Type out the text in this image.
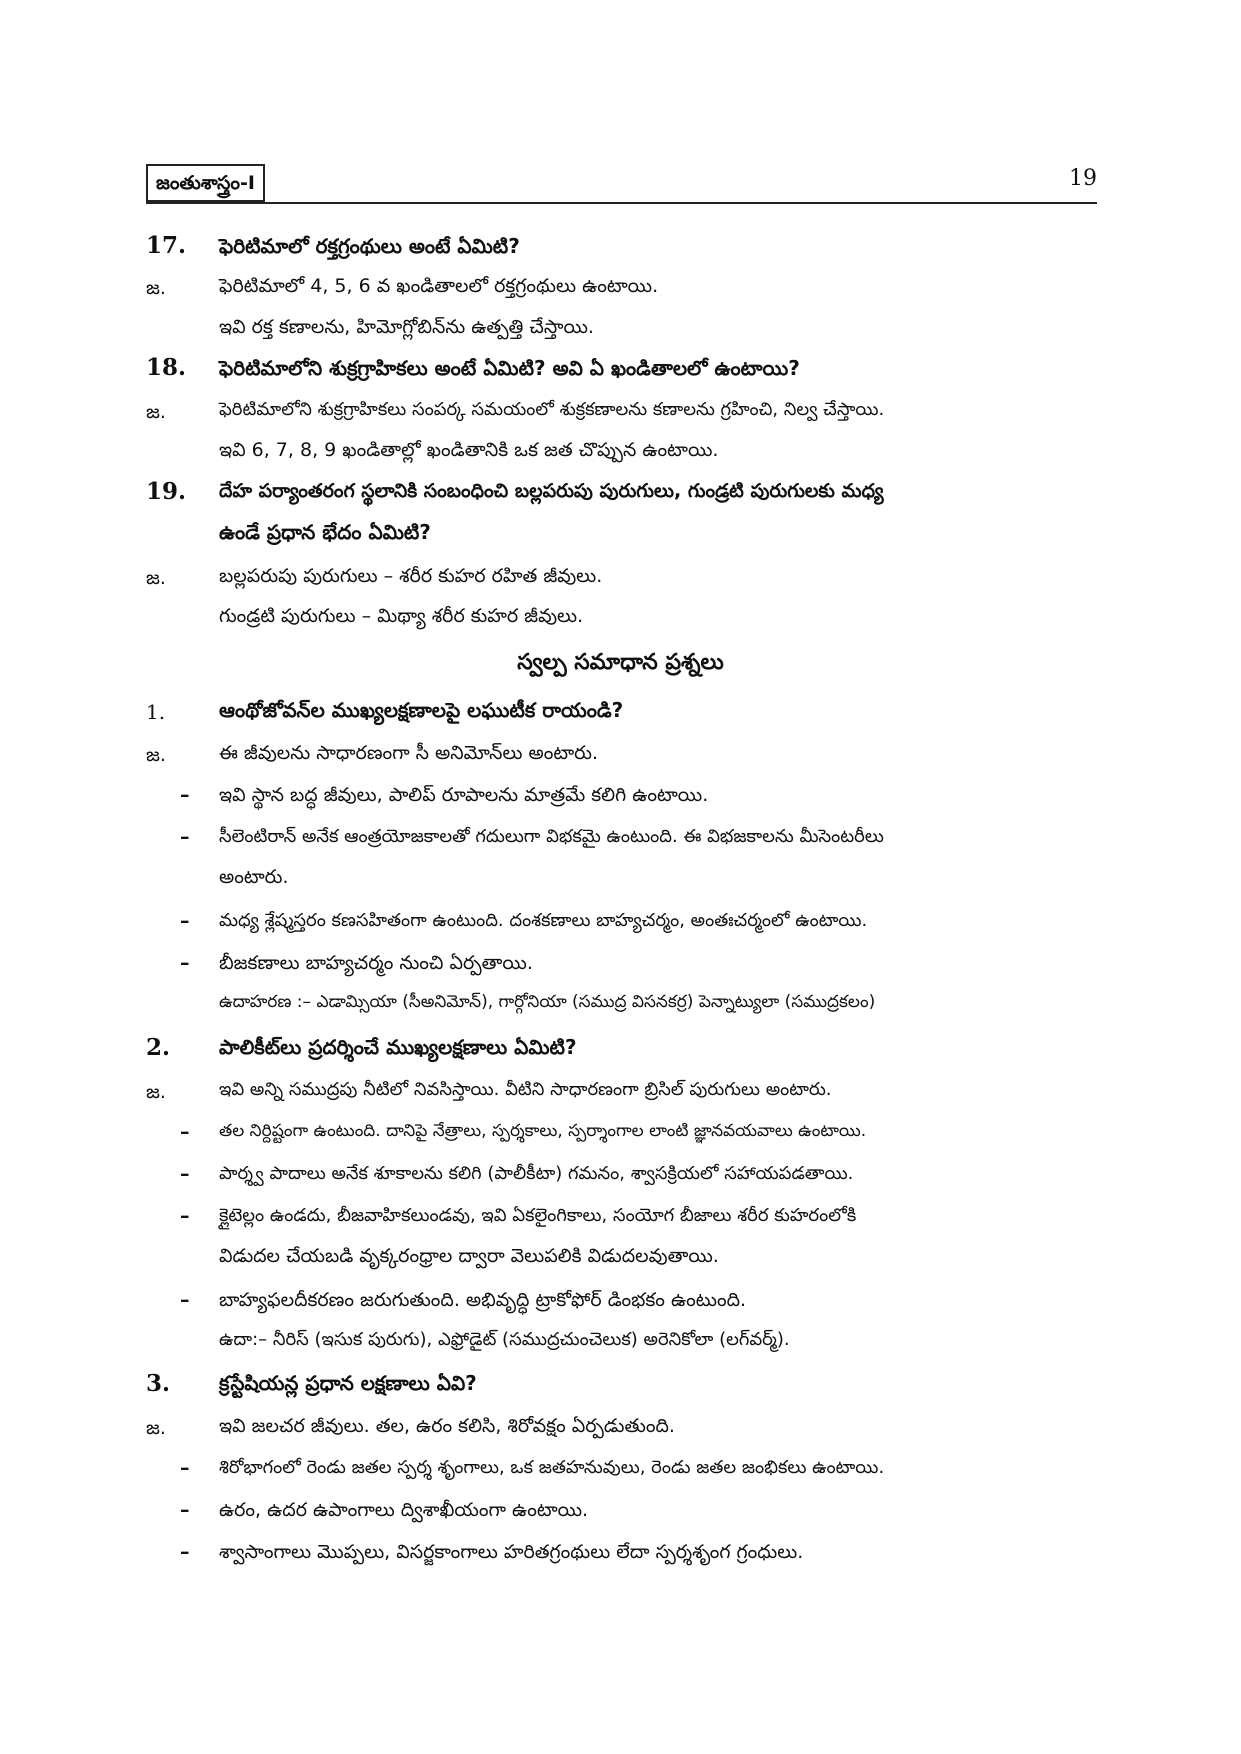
జంతుశాస్త్రం-I	19
17. ఫెరిటిమాలో రక్తగ్రంథులు అంటే ఏమిటి?
జ.	ఫెరిటిమాలో 4, 5, 6 వ ఖండితాలలో రక్తగ్రంథులు ఉంటాయి.
ఇవి రక్త కణాలను, హిమోగ్లోబిన్‌ను ఉత్పత్తి చేస్తాయి.
18. ఫెరిటిమాలోని శుక్రగ్రాహికలు అంటే ఏమిటి? అవి ఏ ఖండితాలలో ఉంటాయి?
జ.	ఫెరిటిమాలోని శుక్రగ్రాహికలు సంపర్క సమయంలో శుక్రకణాలను కణాలను గ్రహించి, నిల్వ చేస్తాయి.
ఇవి 6, 7, 8, 9 ఖండితాల్లో ఖండితానికి ఒక జత చొప్పున ఉంటాయి.
19. దేహ పర్యాంతరంగ స్థలానికి సంబంధించి బల్లపరుపు పురుగులు, గుండ్రటి పురుగులకు మధ్య
ఉండే ప్రధాన భేదం ఏమిటి?
జ.	బల్లపరుపు పురుగులు – శరీర కుహర రహిత జీవులు.
గుండ్రటి పురుగులు – మిథ్యా శరీర కుహర జీవులు.
స్వల్ప సమాధాన ప్రశ్నలు
1.	ఆంథోజోవన్‌ల ముఖ్యలక్షణాలపై లఘుటీక రాయండి?
జ.	ఈ జీవులను సాధారణంగా సీ అనిమోన్‌లు అంటారు.
– ఇవి స్థాన బద్ధ జీవులు, పాలిప్ రూపాలను మాత్రమే కలిగి ఉంటాయి.
– సీలెంటిరాన్ అనేక ఆంత్రయోజకాలతో గదులుగా విభకమై ఉంటుంది. ఈ విభజకాలను మీసెంటరీలు
అంటారు.
– మధ్య శ్లేష్మస్తరం కణసహితంగా ఉంటుంది. దంశకణాలు బాహ్యచర్మం, అంతఃచర్మంలో ఉంటాయి.
– బీజకణాలు బాహ్యచర్మం నుంచి ఏర్పతాయి.
ఉదాహరణ :– ఎడామ్సియా (సీఅనిమోన్), గార్గోనియా (సముద్ర విసనకర్ర) పెన్నాట్యులా (సముద్రకలం)
2. పాలికీట్‌లు ప్రదర్శించే ముఖ్యలక్షణాలు ఏమిటి?
జ.	ఇవి అన్ని సముద్రపు నీటిలో నివసిస్తాయి. వీటిని సాధారణంగా బ్రిసిల్ పురుగులు అంటారు.
– తల నిర్దిష్టంగా ఉంటుంది. దానిపై నేత్రాలు, స్పర్శకాలు, స్పర్శాంగాల లాంటి జ్ఞానవయవాలు ఉంటాయి.
– పార్శ్వ పాదాలు అనేక శూకాలను కలిగి (పాలీకీటా) గమనం, శ్వాసక్రియలో సహాయపడతాయి.
– క్లైటెల్లం ఉండదు, బీజవాహికలుండవు, ఇవి ఏకలైంగికాలు, సంయోగ బీజాలు శరీర కుహరంలోకి
విడుదల చేయబడి వృక్కరంధ్రాల ద్వారా వెలుపలికి విడుదలవుతాయి.
– బాహ్యఫలదీకరణం జరుగుతుంది. అభివృద్ధి ట్రాకోఫోర్ డింభకం ఉంటుంది.
ఉదా:– నీరిస్ (ఇసుక పురుగు), ఎఫ్రోడైట్ (సముద్రచుంచెలుక) అరెనికోలా (లగ్‌వర్మ్).
3. క్రస్టేషియన్ల ప్రధాన లక్షణాలు ఏవి?
జ.	ఇవి జలచర జీవులు. తల, ఉరం కలిసి, శిరోవక్షం ఏర్పడుతుంది.
– శిరోభాగంలో రెండు జతల స్పర్శ శృంగాలు, ఒక జతహనువులు, రెండు జతల జంభికలు ఉంటాయి.
– ఉరం, ఉదర ఉపాంగాలు ద్విశాఖీయంగా ఉంటాయి.
– శ్వాసాంగాలు మొప్పలు, విసర్జకాంగాలు హరితగ్రంథులు లేదా స్పర్శశృంగ గ్రంధులు.
